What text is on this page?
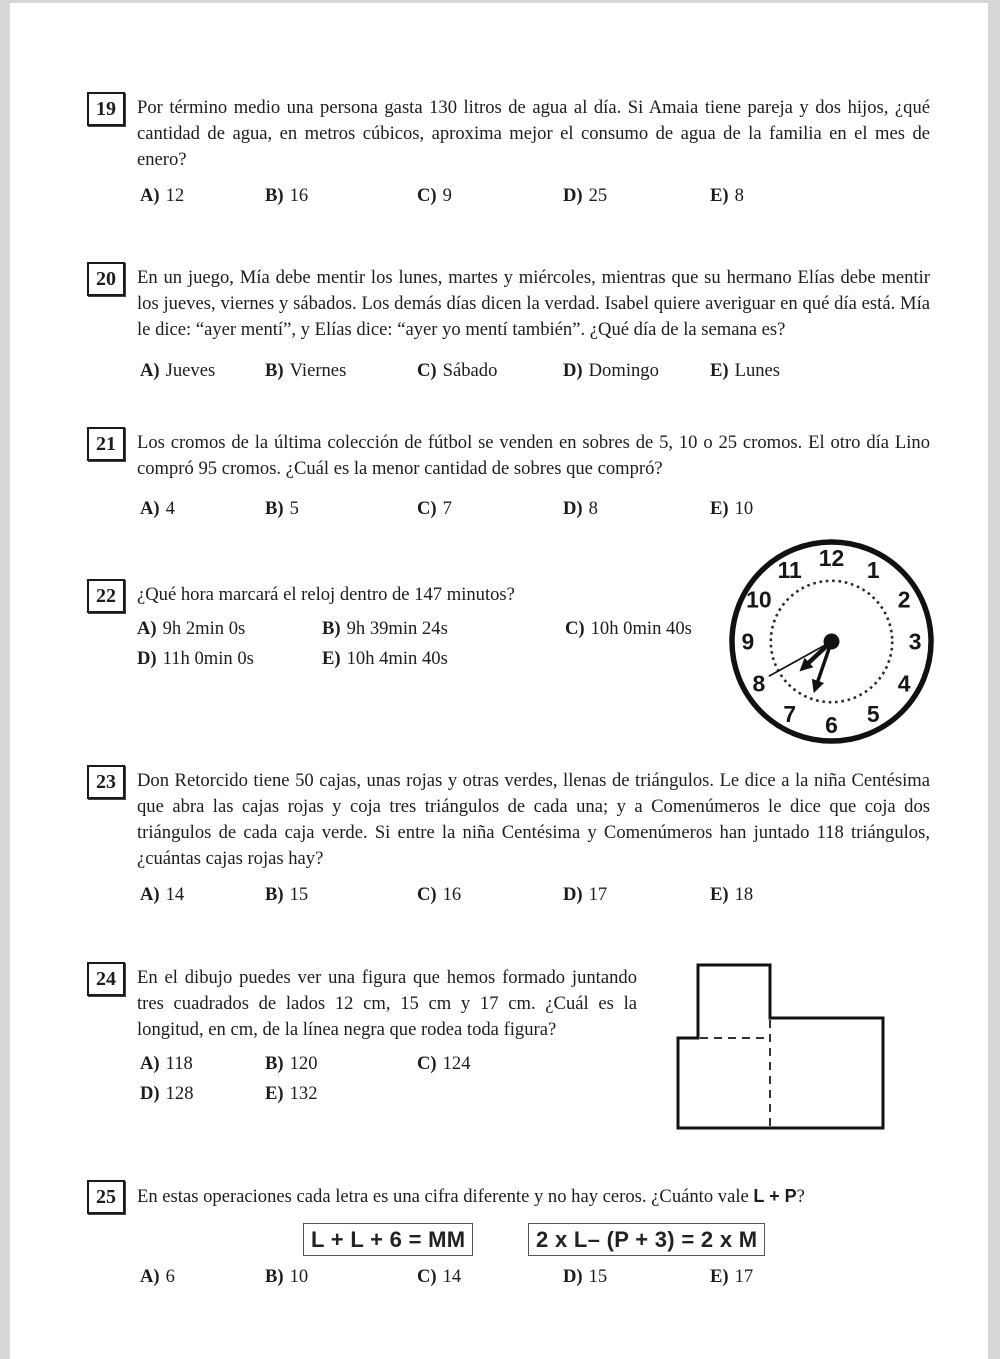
19 Por término medio una persona gasta 130 litros de agua al día. Si Amaia tiene pareja y dos hijos, ¿qué cantidad de agua, en metros cúbicos, aproxima mejor el consumo de agua de la familia en el mes de enero?

A) 12	B) 16	C) 9	D) 25	E) 8
20 En un juego, Mía debe mentir los lunes, martes y miércoles, mientras que su hermano Elías debe mentir los jueves, viernes y sábados. Los demás días dicen la verdad. Isabel quiere averiguar en qué día está. Mía le dice: “ayer mentí”, y Elías dice: “ayer yo mentí también”. ¿Qué día de la semana es?

A) Jueves	B) Viernes	C) Sábado	D) Domingo	E) Lunes
21 Los cromos de la última colección de fútbol se venden en sobres de 5, 10 o 25 cromos. El otro día Lino compró 95 cromos. ¿Cuál es la menor cantidad de sobres que compró?

A) 4	B) 5	C) 7	D) 8	E) 10
22 ¿Qué hora marcará el reloj dentro de 147 minutos?

A) 9h 2min 0s	B) 9h 39min 24s	C) 10h 0min 40s
D) 11h 0min 0s	E) 10h 4min 40s
1
2
3
4
5
6
7
8
9
10
11 12
23 Don Retorcido tiene 50 cajas, unas rojas y otras verdes, llenas de triángulos. Le dice a la niña Centésima que abra las cajas rojas y coja tres triángulos de cada una; y a Comenúmeros le dice que coja dos triángulos de cada caja verde. Si entre la niña Centésima y Comenúmeros han juntado 118 triángulos, ¿cuántas cajas rojas hay?

A) 14	B) 15	C) 16	D) 17	E) 18
24 En el dibujo puedes ver una figura que hemos formado juntando tres cuadrados de lados 12 cm, 15 cm y 17 cm. ¿Cuál es la longitud, en cm, de la línea negra que rodea toda figura?

A) 118	B) 120	C) 124
D) 128	E) 132
25 En estas operaciones cada letra es una cifra diferente y no hay ceros. ¿Cuánto vale L + P?

L + L + 6 = MM	2 x L– (P + 3) = 2 x M
A) 6	B) 10	C) 14	D) 15	E) 17
